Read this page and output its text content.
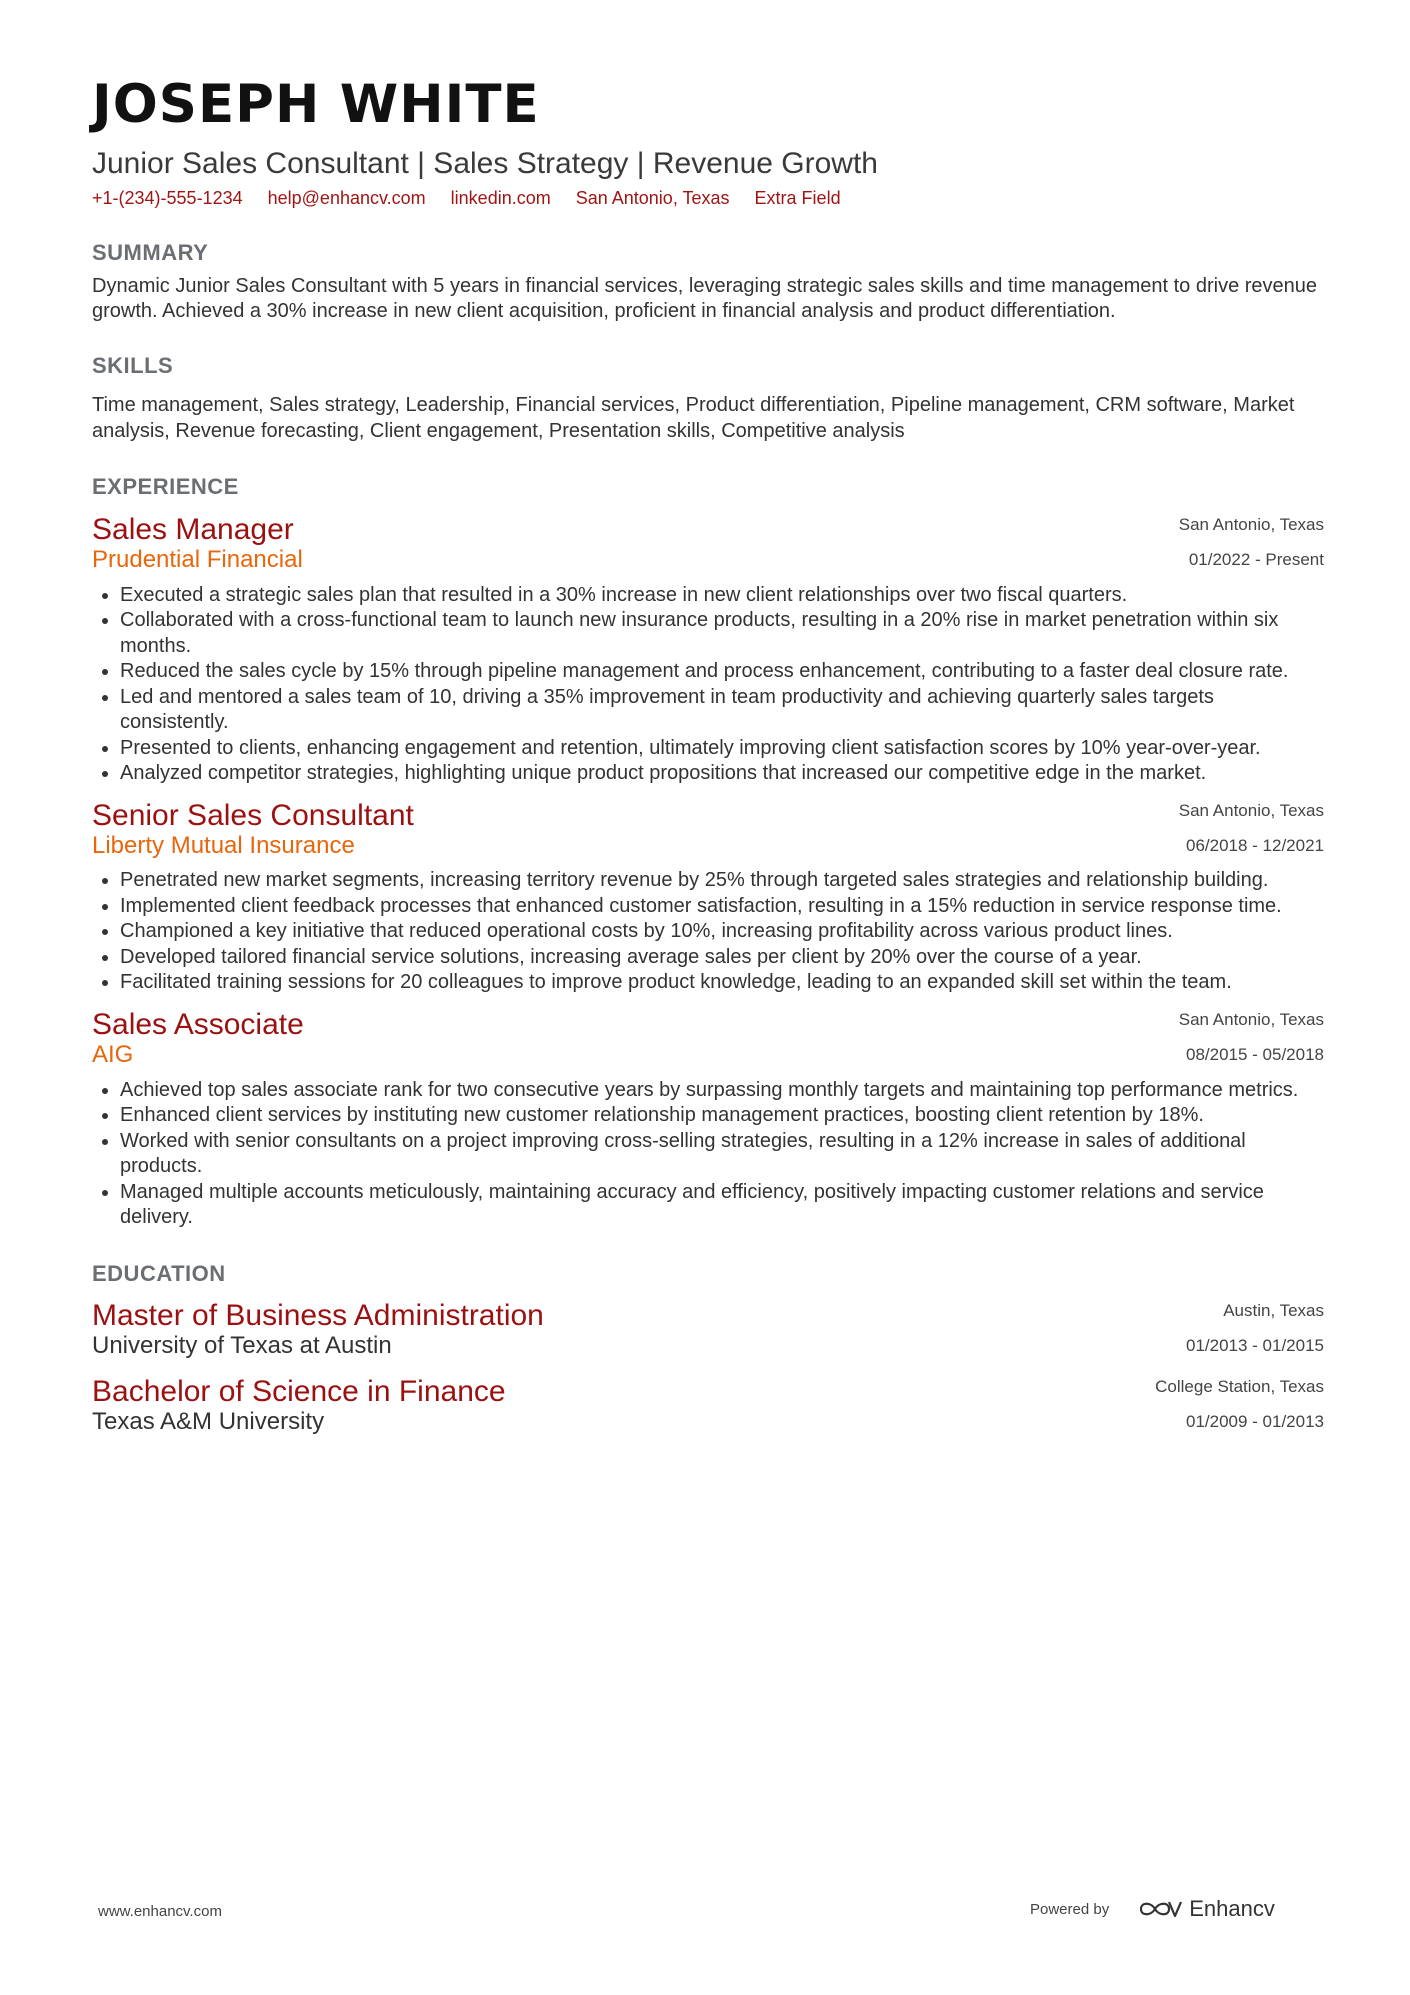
JOSEPH WHITE
Junior Sales Consultant | Sales Strategy | Revenue Growth
+1-(234)-555-1234 help@enhancv.com linkedin.com San Antonio, Texas Extra Field
SUMMARY
Dynamic Junior Sales Consultant with 5 years in financial services, leveraging strategic sales skills and time management to drive revenue growth. Achieved a 30% increase in new client acquisition, proficient in financial analysis and product differentiation.
SKILLS
Time management, Sales strategy, Leadership, Financial services, Product differentiation, Pipeline management, CRM software, Market analysis, Revenue forecasting, Client engagement, Presentation skills, Competitive analysis
EXPERIENCE
Sales Manager
Prudential Financial
San Antonio, Texas
01/2022 - Present
• Executed a strategic sales plan that resulted in a 30% increase in new client relationships over two fiscal quarters.
• Collaborated with a cross-functional team to launch new insurance products, resulting in a 20% rise in market penetration within six months.
• Reduced the sales cycle by 15% through pipeline management and process enhancement, contributing to a faster deal closure rate.
• Led and mentored a sales team of 10, driving a 35% improvement in team productivity and achieving quarterly sales targets consistently.
• Presented to clients, enhancing engagement and retention, ultimately improving client satisfaction scores by 10% year-over-year.
• Analyzed competitor strategies, highlighting unique product propositions that increased our competitive edge in the market.
Senior Sales Consultant
Liberty Mutual Insurance
San Antonio, Texas
06/2018 - 12/2021
• Penetrated new market segments, increasing territory revenue by 25% through targeted sales strategies and relationship building.
• Implemented client feedback processes that enhanced customer satisfaction, resulting in a 15% reduction in service response time.
• Championed a key initiative that reduced operational costs by 10%, increasing profitability across various product lines.
• Developed tailored financial service solutions, increasing average sales per client by 20% over the course of a year.
• Facilitated training sessions for 20 colleagues to improve product knowledge, leading to an expanded skill set within the team.
Sales Associate
AIG
San Antonio, Texas
08/2015 - 05/2018
• Achieved top sales associate rank for two consecutive years by surpassing monthly targets and maintaining top performance metrics.
• Enhanced client services by instituting new customer relationship management practices, boosting client retention by 18%.
• Worked with senior consultants on a project improving cross-selling strategies, resulting in a 12% increase in sales of additional products.
• Managed multiple accounts meticulously, maintaining accuracy and efficiency, positively impacting customer relations and service delivery.
EDUCATION
Master of Business Administration
University of Texas at Austin
Austin, Texas
01/2013 - 01/2015
Bachelor of Science in Finance
Texas A&M University
College Station, Texas
01/2009 - 01/2013
www.enhancv.com	Powered by	Enhancv
